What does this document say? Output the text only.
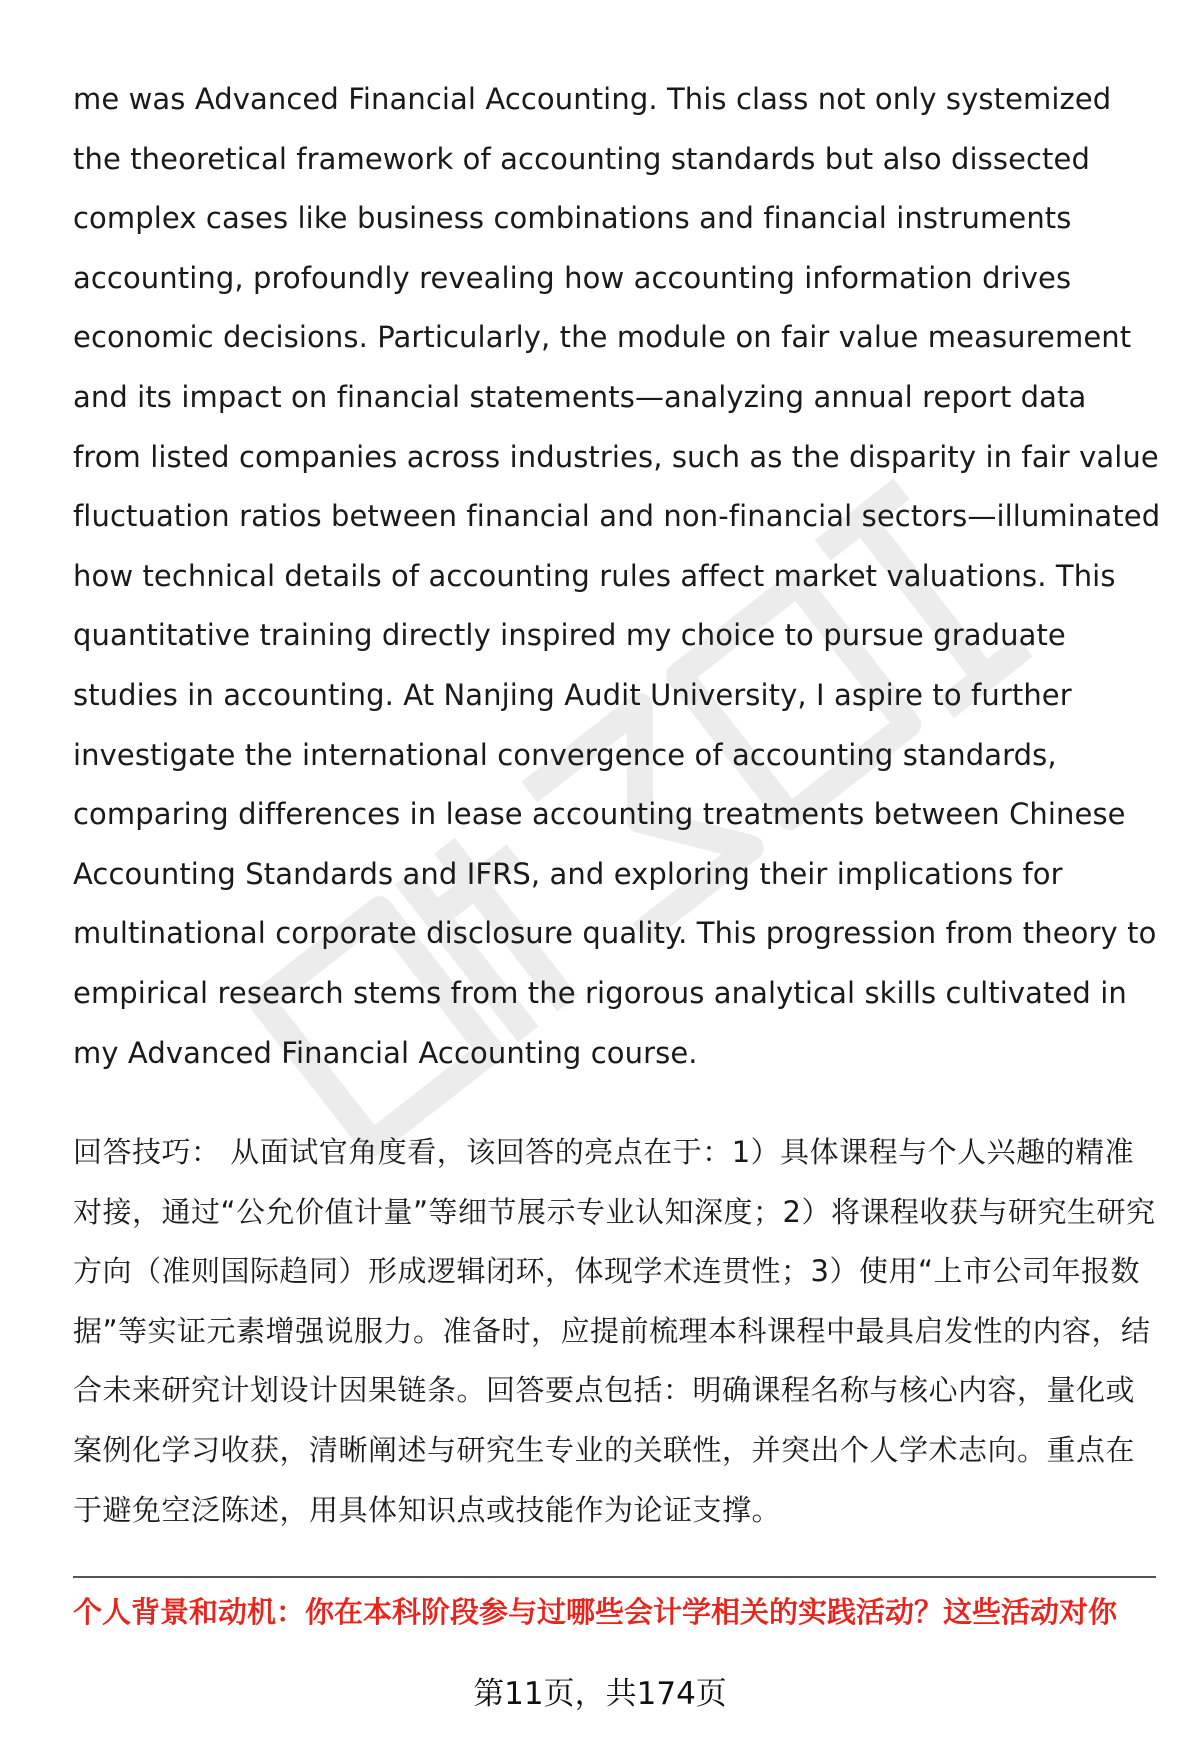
me was Advanced Financial Accounting. This class not only systemized the theoretical framework of accounting standards but also dissected complex cases like business combinations and financial instruments accounting, profoundly revealing how accounting information drives economic decisions. Particularly, the module on fair value measurement and its impact on financial statements—analyzing annual report data from listed companies across industries, such as the disparity in fair value fluctuation ratios between financial and non-financial sectors—illuminated how technical details of accounting rules affect market valuations. This quantitative training directly inspired my choice to pursue graduate studies in accounting. At Nanjing Audit University, I aspire to further investigate the international convergence of accounting standards, comparing differences in lease accounting treatments between Chinese Accounting Standards and IFRS, and exploring their implications for multinational corporate disclosure quality. This progression from theory to empirical research stems from the rigorous analytical skills cultivated in my Advanced Financial Accounting course.

回答技巧： 从面试官角度看，该回答的亮点在于：1）具体课程与个人兴趣的精准对接，通过“公允价值计量”等细节展示专业认知深度；2）将课程收获与研究生研究方向（准则国际趋同）形成逻辑闭环，体现学术连贯性；3）使用“上市公司年报数据”等实证元素增强说服力。准备时，应提前梳理本科课程中最具启发性的内容，结合未来研究计划设计因果链条。回答要点包括：明确课程名称与核心内容，量化或案例化学习收获，清晰阐述与研究生专业的关联性，并突出个人学术志向。重点在于避免空泛陈述，用具体知识点或技能作为论证支撑。

个人背景和动机：你在本科阶段参与过哪些会计学相关的实践活动？这些活动对你
第11页，共174页
